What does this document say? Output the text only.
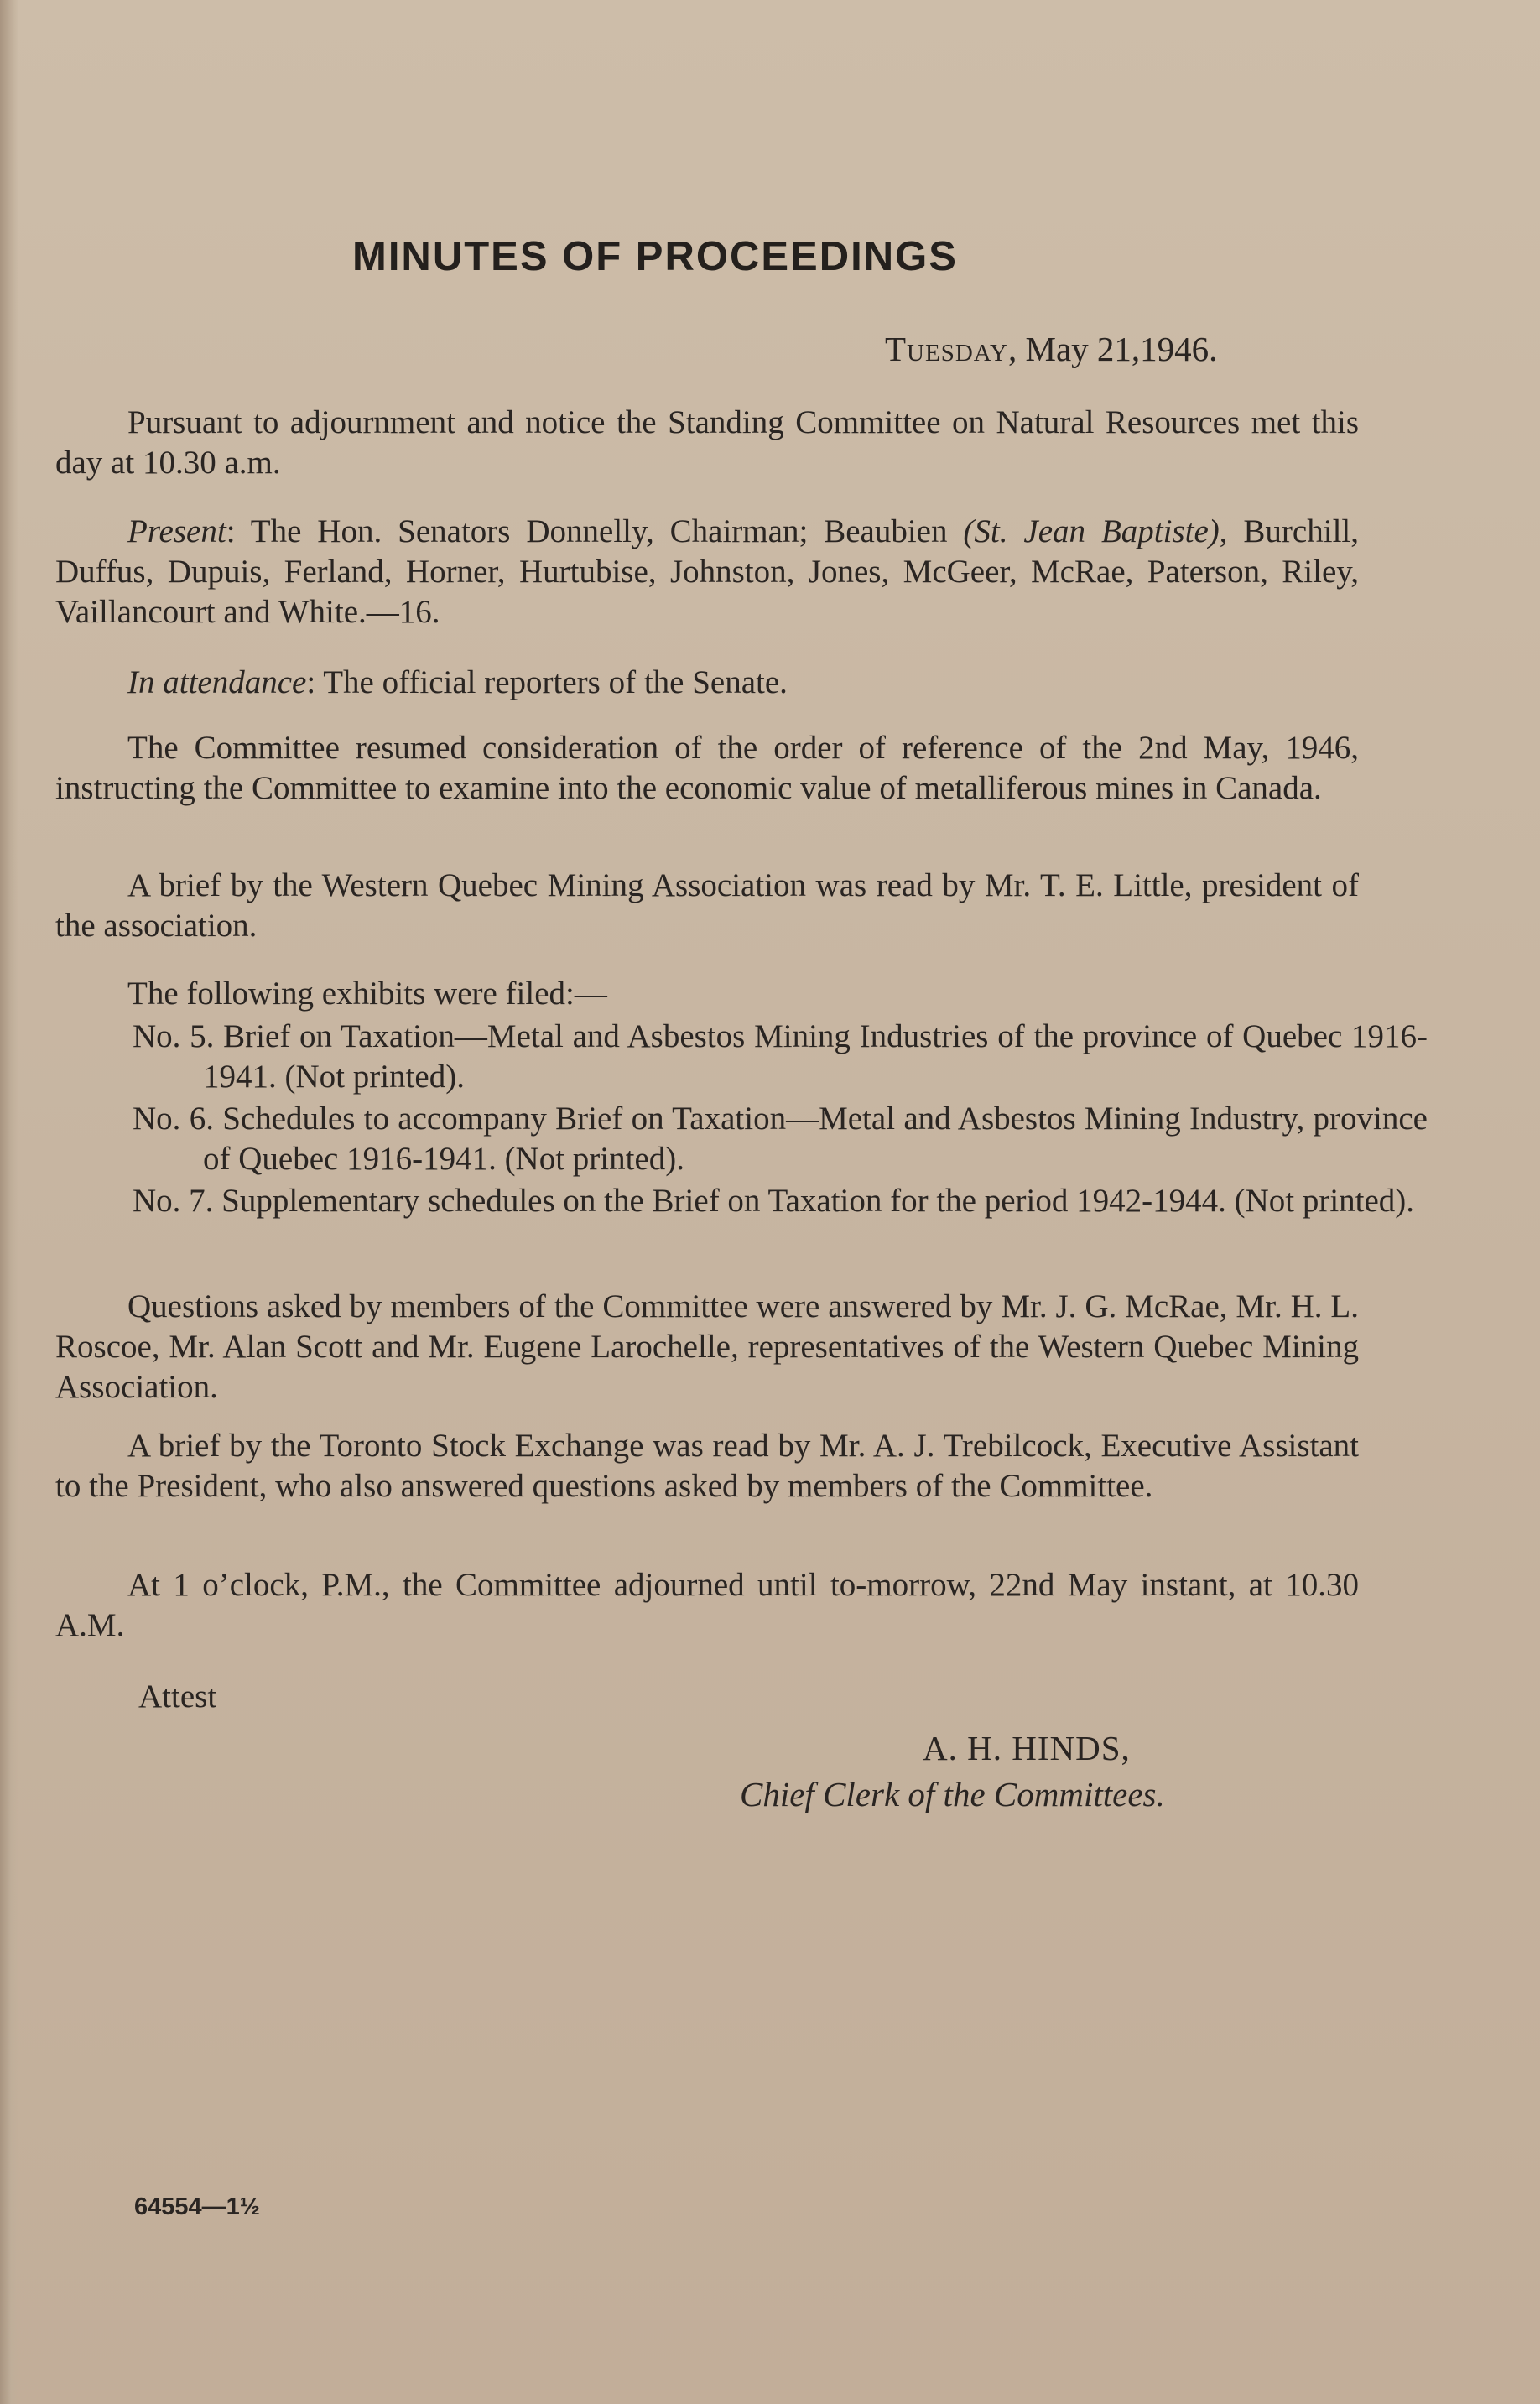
MINUTES OF PROCEEDINGS
Tuesday, May 21,1946.

Pursuant to adjournment and notice the Standing Committee on Natural Resources met this day at 10.30 a.m.

Present: The Hon. Senators Donnelly, Chairman; Beaubien (St. Jean Baptiste), Burchill, Duffus, Dupuis, Ferland, Horner, Hurtubise, Johnston, Jones, McGeer, McRae, Paterson, Riley, Vaillancourt and White.—16.

In attendance: The official reporters of the Senate.

The Committee resumed consideration of the order of reference of the 2nd May, 1946, instructing the Committee to examine into the economic value of metalliferous mines in Canada.

A brief by the Western Quebec Mining Association was read by Mr. T. E. Little, president of the association.

The following exhibits were filed:—

No. 5. Brief on Taxation—Metal and Asbestos Mining Industries of the province of Quebec 1916-1941. (Not printed).

No. 6. Schedules to accompany Brief on Taxation—Metal and Asbestos Mining Industry, province of Quebec 1916-1941. (Not printed).

No. 7. Supplementary schedules on the Brief on Taxation for the period 1942-1944. (Not printed).

Questions asked by members of the Committee were answered by Mr. J. G. McRae, Mr. H. L. Roscoe, Mr. Alan Scott and Mr. Eugene Larochelle, representatives of the Western Quebec Mining Association.

A brief by the Toronto Stock Exchange was read by Mr. A. J. Trebilcock, Executive Assistant to the President, who also answered questions asked by members of the Committee.

At 1 o’clock, P.M., the Committee adjourned until to-morrow, 22nd May instant, at 10.30 A.M.

Attest
A. H. HINDS,
Chief Clerk of the Committees.
64554—1½
